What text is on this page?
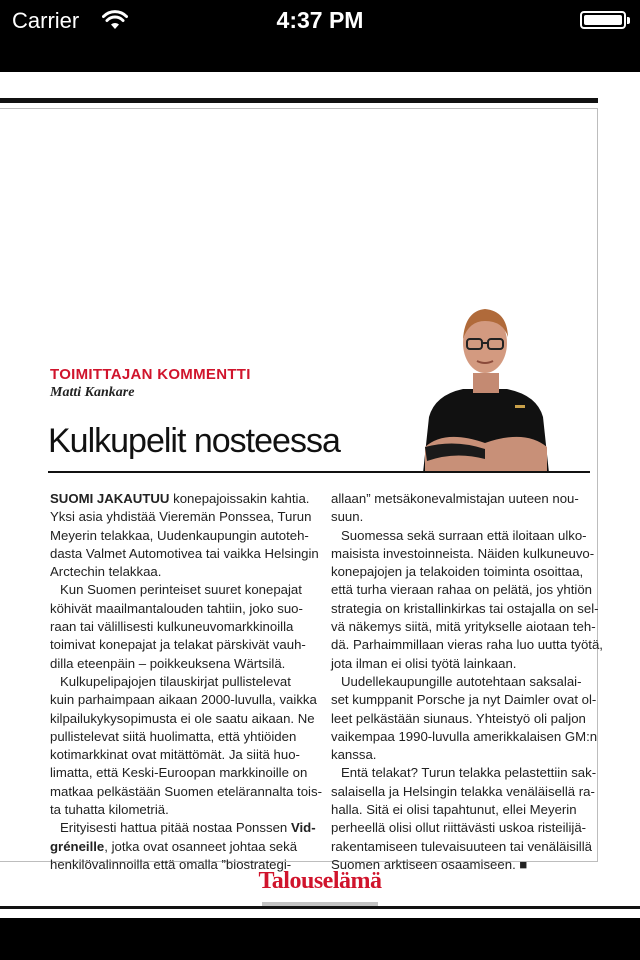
Carrier	4:37 PM
TOIMITTAJAN KOMMENTTI
Matti Kankare
Kulkupelit nosteessa
SUOMI JAKAUTUU konepajoissakin kahtia.
Yksi asia yhdistää Vieremän Ponssea, Turun
Meyerin telakkaa, Uudenkaupungin autoteh-
dasta Valmet Automotivea tai vaikka Helsingin
Arctechin telakkaa.
Kun Suomen perinteiset suuret konepajat
köhivät maailmantalouden tahtiin, joko suo-
raan tai välillisesti kulkuneuvomarkkinoilla
toimivat konepajat ja telakat pärskivät vauh-
dilla eteenpäin – poikkeuksena Wärtsilä.
Kulkupelipajojen tilauskirjat pullistelevat
kuin parhaimpaan aikaan 2000-luvulla, vaikka
kilpailukykysopimusta ei ole saatu aikaan. Ne
pullistelevat siitä huolimatta, että yhtiöiden
kotimarkkinat ovat mitättömät. Ja siitä huo-
limatta, että Keski-Euroopan markkinoille on
matkaa pelkästään Suomen etelärannalta tois-
ta tuhatta kilometriä.
Erityisesti hattua pitää nostaa Ponssen Vid-
gréneille, jotka ovat osanneet johtaa sekä
henkilövalinnoilla että omalla ”biostrategi-
allaan” metsäkonevalmistajan uuteen nou-
suun.
Suomessa sekä surraan että iloitaan ulko-
maisista investoinneista. Näiden kulkuneuvo-
konepajojen ja telakoiden toiminta osoittaa,
että turha vieraan rahaa on pelätä, jos yhtiön
strategia on kristallinkirkas tai ostajalla on sel-
vä näkemys siitä, mitä yritykselle aiotaan teh-
dä. Parhaimmillaan vieras raha luo uutta työtä,
jota ilman ei olisi työtä lainkaan.
Uudellekaupungille autotehtaan saksalai-
set kumppanit Porsche ja nyt Daimler ovat ol-
leet pelkästään siunaus. Yhteistyö oli paljon
vaikempaa 1990-luvulla amerikkalaisen GM:n
kanssa.
Entä telakat? Turun telakka pelastettiin sak-
salaisella ja Helsingin telakka venäläisellä ra-
halla. Sitä ei olisi tapahtunut, ellei Meyerin
perheellä olisi ollut riittävästi uskoa risteilijä-
rakentamiseen tulevaisuuteen tai venäläisillä
Suomen arktiseen osaamiseen. ■
Talouselämä
